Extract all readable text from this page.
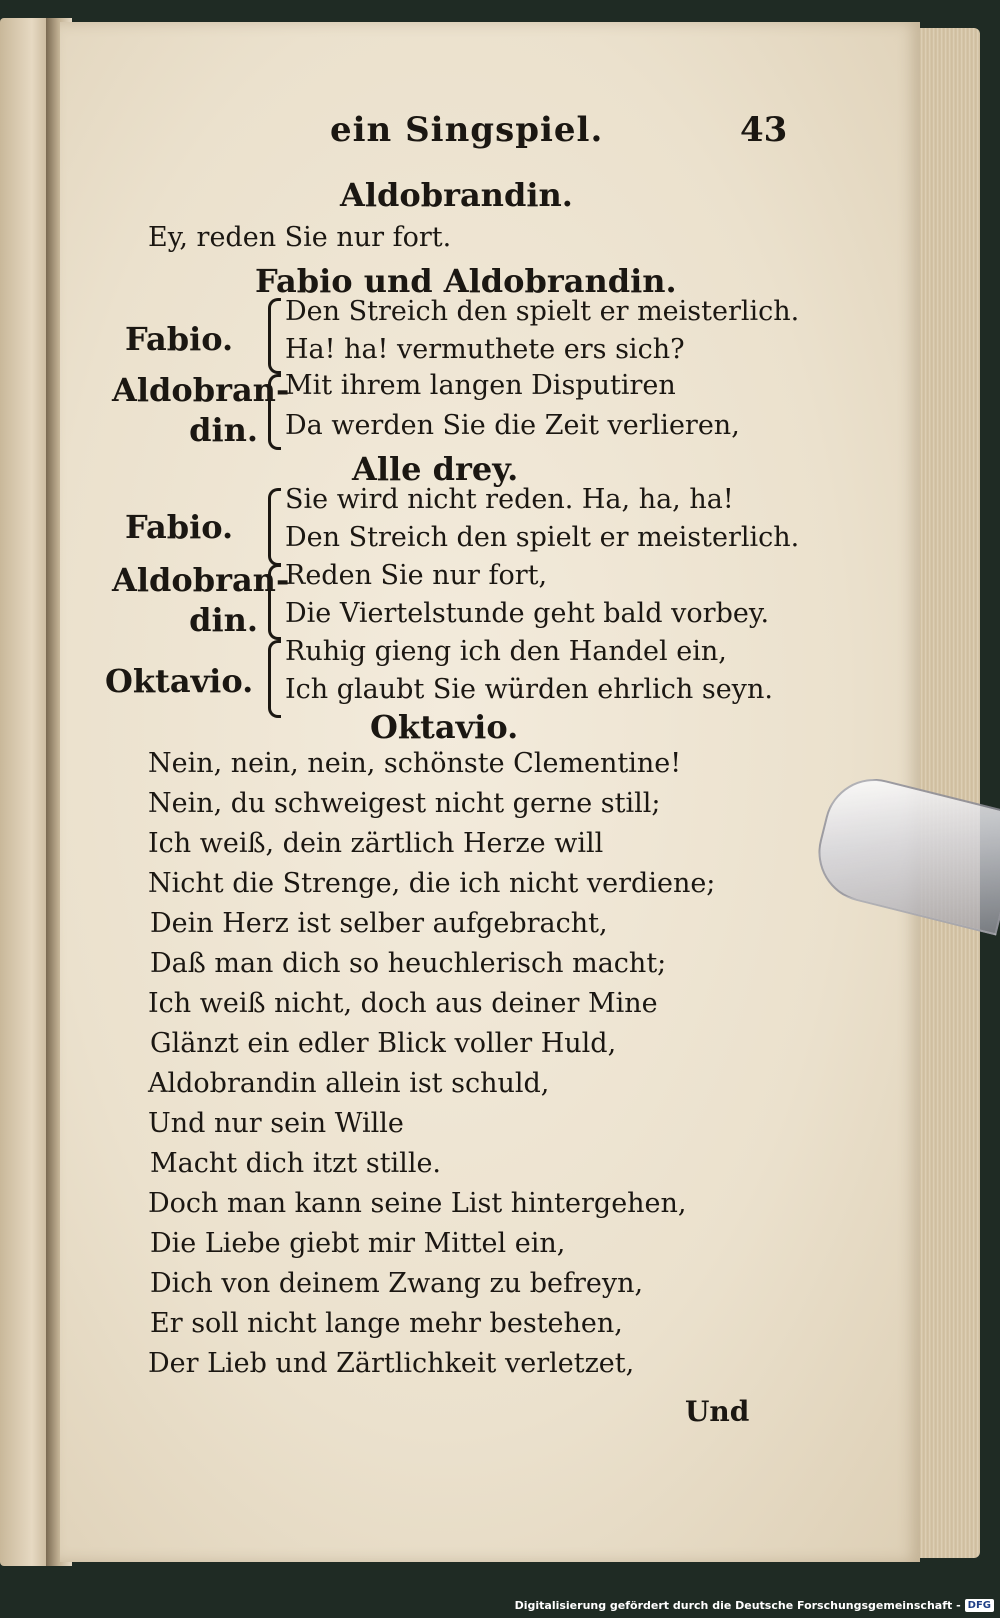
ein Singspiel.	43
Aldobrandin.
Ey, reden Sie nur fort.
Fabio und Aldobrandin.
Fabio.
Den Streich den spielt er meisterlich.
Ha! ha! vermuthete ers sich?
Aldobran-
din.
Mit ihrem langen Disputiren
Da werden Sie die Zeit verlieren,
Alle drey.
Fabio.
Sie wird nicht reden. Ha, ha, ha!
Den Streich den spielt er meisterlich.
Aldobran-
din.
Reden Sie nur fort,
Die Viertelstunde geht bald vorbey.
Oktavio.
Ruhig gieng ich den Handel ein,
Ich glaubt Sie würden ehrlich seyn.
Oktavio.
Nein, nein, nein, schönste Clementine!
Nein, du schweigest nicht gerne still;
Ich weiß, dein zärtlich Herze will
Nicht die Strenge, die ich nicht verdiene;
Dein Herz ist selber aufgebracht,
Daß man dich so heuchlerisch macht;
Ich weiß nicht, doch aus deiner Mine
Glänzt ein edler Blick voller Huld,
Aldobrandin allein ist schuld,
Und nur sein Wille
Macht dich itzt stille.
Doch man kann seine List hintergehen,
Die Liebe giebt mir Mittel ein,
Dich von deinem Zwang zu befreyn,
Er soll nicht lange mehr bestehen,
Der Lieb und Zärtlichkeit verletzet,
Und
Digitalisierung gefördert durch die Deutsche Forschungsgemeinschaft - DFG
